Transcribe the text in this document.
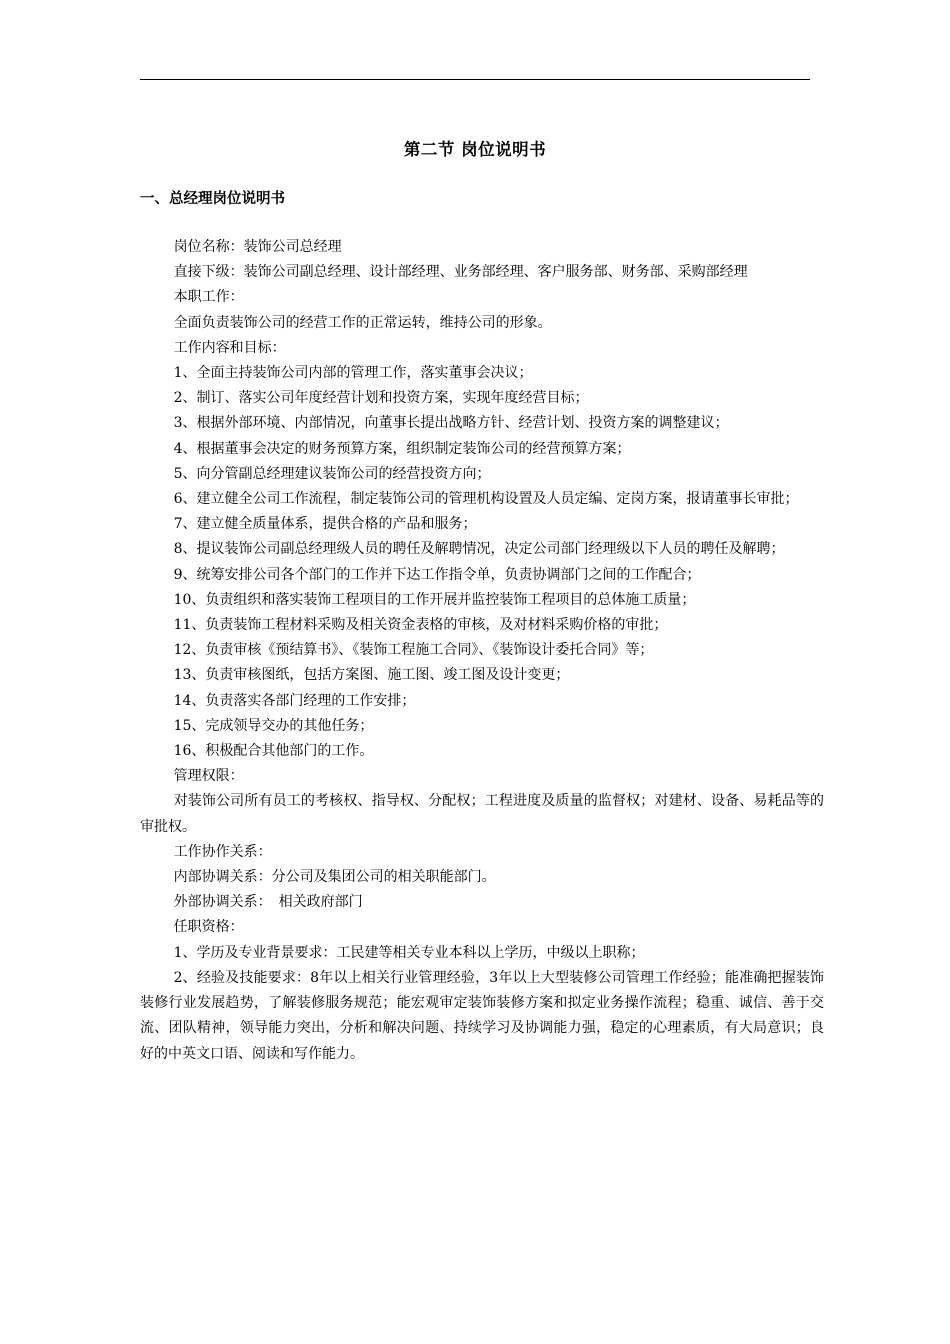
第二节 岗位说明书
一、总经理岗位说明书

岗位名称：装饰公司总经理

直接下级：装饰公司副总经理、设计部经理、业务部经理、客户服务部、财务部、采购部经理

本职工作：

全面负责装饰公司的经营工作的正常运转，维持公司的形象。

工作内容和目标：

1、全面主持装饰公司内部的管理工作，落实董事会决议；

2、制订、落实公司年度经营计划和投资方案，实现年度经营目标；

3、根据外部环境、内部情况，向董事长提出战略方针、经营计划、投资方案的调整建议；

4、根据董事会决定的财务预算方案，组织制定装饰公司的经营预算方案；

5、向分管副总经理建议装饰公司的经营投资方向；

6、建立健全公司工作流程，制定装饰公司的管理机构设置及人员定编、定岗方案，报请董事长审批；

7、建立健全质量体系，提供合格的产品和服务；

8、提议装饰公司副总经理级人员的聘任及解聘情况，决定公司部门经理级以下人员的聘任及解聘；

9、统筹安排公司各个部门的工作并下达工作指令单，负责协调部门之间的工作配合；

10、负责组织和落实装饰工程项目的工作开展并监控装饰工程项目的总体施工质量；

11、负责装饰工程材料采购及相关资金表格的审核，及对材料采购价格的审批；

12、负责审核《预结算书》、《装饰工程施工合同》、《装饰设计委托合同》等；

13、负责审核图纸，包括方案图、施工图、竣工图及设计变更；

14、负责落实各部门经理的工作安排；

15、完成领导交办的其他任务；

16、积极配合其他部门的工作。

管理权限：

对装饰公司所有员工的考核权、指导权、分配权；工程进度及质量的监督权；对建材、设备、易耗品等的审批权。

工作协作关系：

内部协调关系：分公司及集团公司的相关职能部门。

外部协调关系：　相关政府部门

任职资格：

1、学历及专业背景要求：工民建等相关专业本科以上学历，中级以上职称；

2、经验及技能要求：8年以上相关行业管理经验，3年以上大型装修公司管理工作经验；能准确把握装饰装修行业发展趋势，了解装修服务规范；能宏观审定装饰装修方案和拟定业务操作流程；稳重、诚信、善于交流、团队精神，领导能力突出，分析和解决问题、持续学习及协调能力强，稳定的心理素质，有大局意识；良好的中英文口语、阅读和写作能力。
